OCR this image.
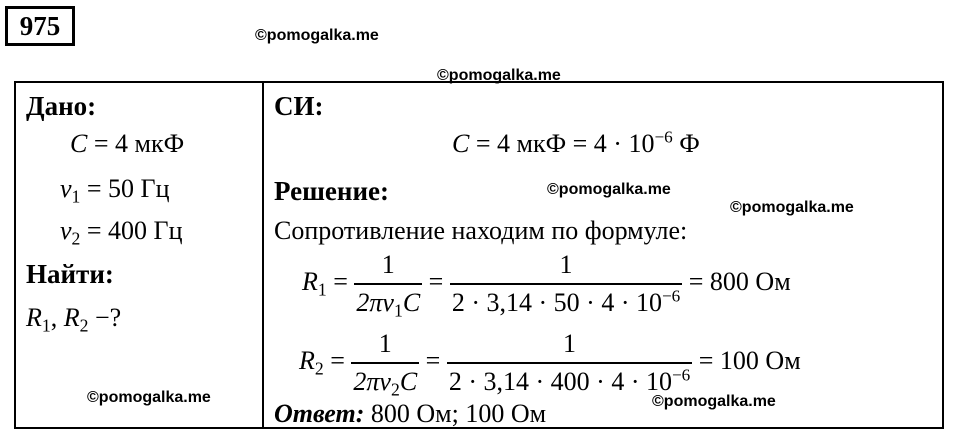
975	©pomogalka.me
©pomogalka.me
©pomogalka.me
©pomogalka.me
©pomogalka.me	©pomogalka.me
Дано:
C = 4 мкФ
$\nu_1 = 50$ Гц
$\nu_2 = 400$ Гц
Найти:
$R_1$, $R_2$ −?
СИ:
C = 4 мкФ = $4 \cdot 10^{-6}$ Ф
Решение:
Сопротивление находим по формуле:
$R_1 = \frac{1}{2\pi\nu_1C} = \frac{1}{2 \cdot 3,14 \cdot 50 \cdot 4 \cdot 10^{-6}} = 800$ Ом
$R_2 = \frac{1}{2\pi\nu_2C} = \frac{1}{2 \cdot 3,14 \cdot 400 \cdot 4 \cdot 10^{-6}} = 100$ Ом
Ответ: 800 Ом; 100 Ом
